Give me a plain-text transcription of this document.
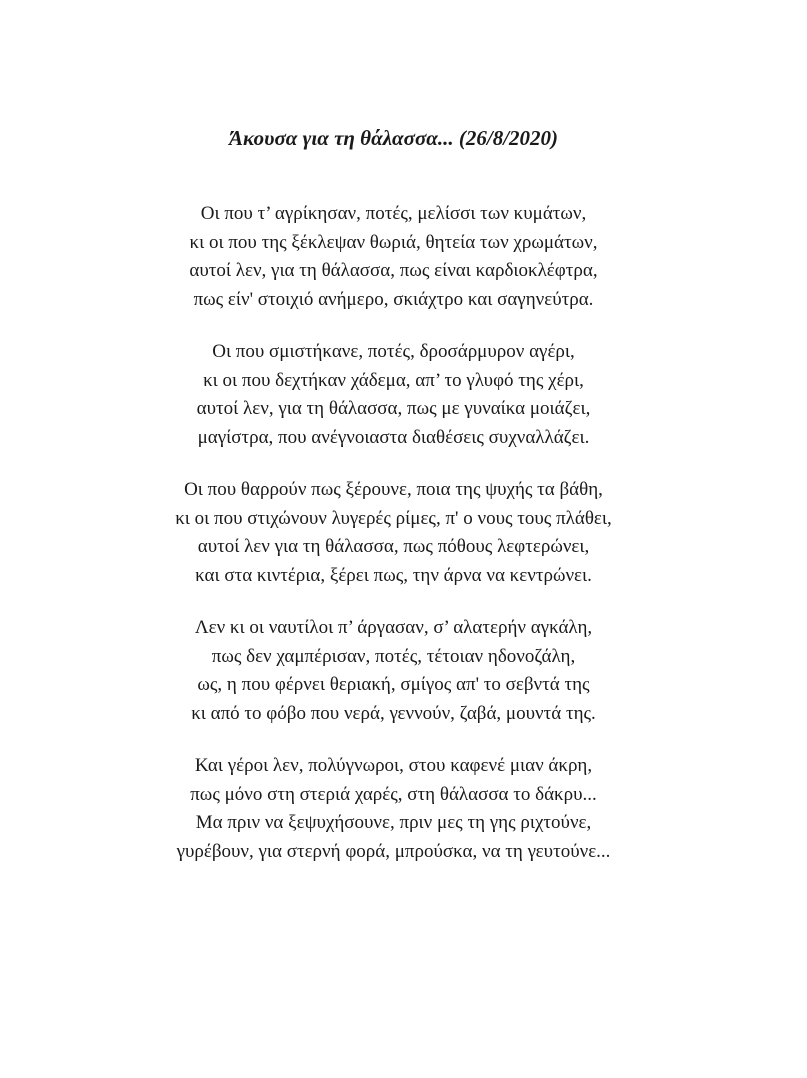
Άκουσα για τη θάλασσα... (26/8/2020)
Οι που τ’ αγρίκησαν, ποτές, μελίσσι των κυμάτων,
κι οι που της ξέκλεψαν θωριά, θητεία των χρωμάτων,
αυτοί λεν, για τη θάλασσα, πως είναι καρδιοκλέφτρα,
πως είν' στοιχιό ανήμερο, σκιάχτρο και σαγηνεύτρα.
Οι που σμιστήκανε, ποτές, δροσάρμυρον αγέρι,
κι οι που δεχτήκαν χάδεμα, απ’ το γλυφό της χέρι,
αυτοί λεν, για τη θάλασσα, πως με γυναίκα μοιάζει,
μαγίστρα, που ανέγνοιαστα διαθέσεις συχναλλάζει.
Οι που θαρρούν πως ξέρουνε, ποια της ψυχής τα βάθη,
κι οι που στιχώνουν λυγερές ρίμες, π' ο νους τους πλάθει,
αυτοί λεν για τη θάλασσα, πως πόθους λεφτερώνει,
και στα κιντέρια, ξέρει πως, την άρνα να κεντρώνει.
Λεν κι οι ναυτίλοι π’ άργασαν, σ’ αλατερήν αγκάλη,
πως δεν χαμπέρισαν, ποτές, τέτοιαν ηδονοζάλη,
ως, η που φέρνει θεριακή, σμίγος απ' το σεβντά της
κι από το φόβο που νερά, γεννούν, ζαβά, μουντά της.
Και γέροι λεν, πολύγνωροι, στου καφενέ μιαν άκρη,
πως μόνο στη στεριά χαρές, στη θάλασσα το δάκρυ...
Μα πριν να ξεψυχήσουνε, πριν μες τη γης ριχτούνε,
γυρέβουν, για στερνή φορά, μπρούσκα, να τη γευτούνε...
